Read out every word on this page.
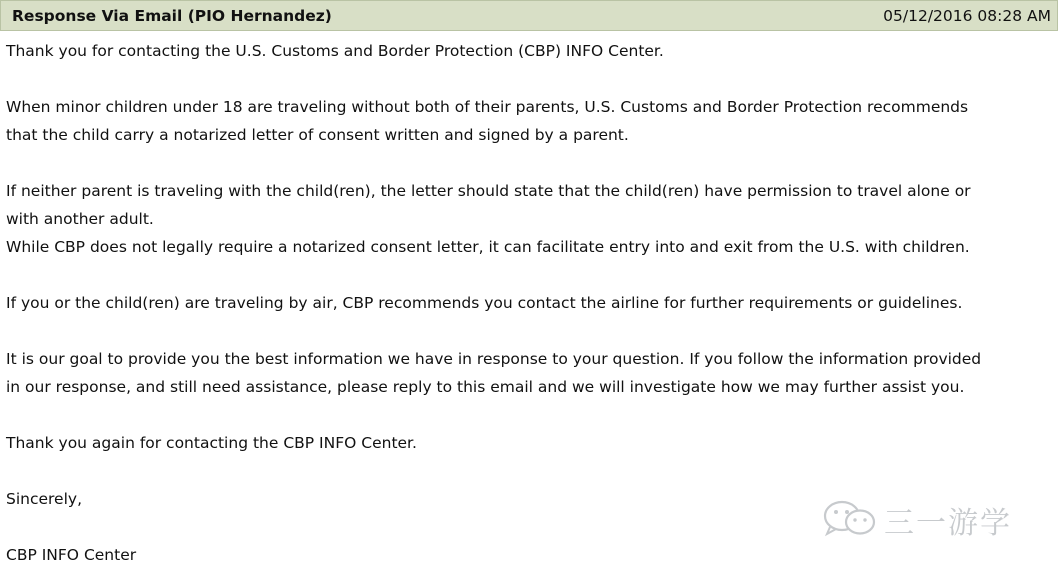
Response Via Email (PIO Hernandez)	05/12/2016 08:28 AM

Thank you for contacting the U.S. Customs and Border Protection (CBP) INFO Center.

When minor children under 18 are traveling without both of their parents, U.S. Customs and Border Protection recommends
that the child carry a notarized letter of consent written and signed by a parent.

If neither parent is traveling with the child(ren), the letter should state that the child(ren) have permission to travel alone or
with another adult.
While CBP does not legally require a notarized consent letter, it can facilitate entry into and exit from the U.S. with children.

If you or the child(ren) are traveling by air, CBP recommends you contact the airline for further requirements or guidelines.

It is our goal to provide you the best information we have in response to your question. If you follow the information provided
in our response, and still need assistance, please reply to this email and we will investigate how we may further assist you.

Thank you again for contacting the CBP INFO Center.

Sincerely,

CBP INFO Center

三一游学
